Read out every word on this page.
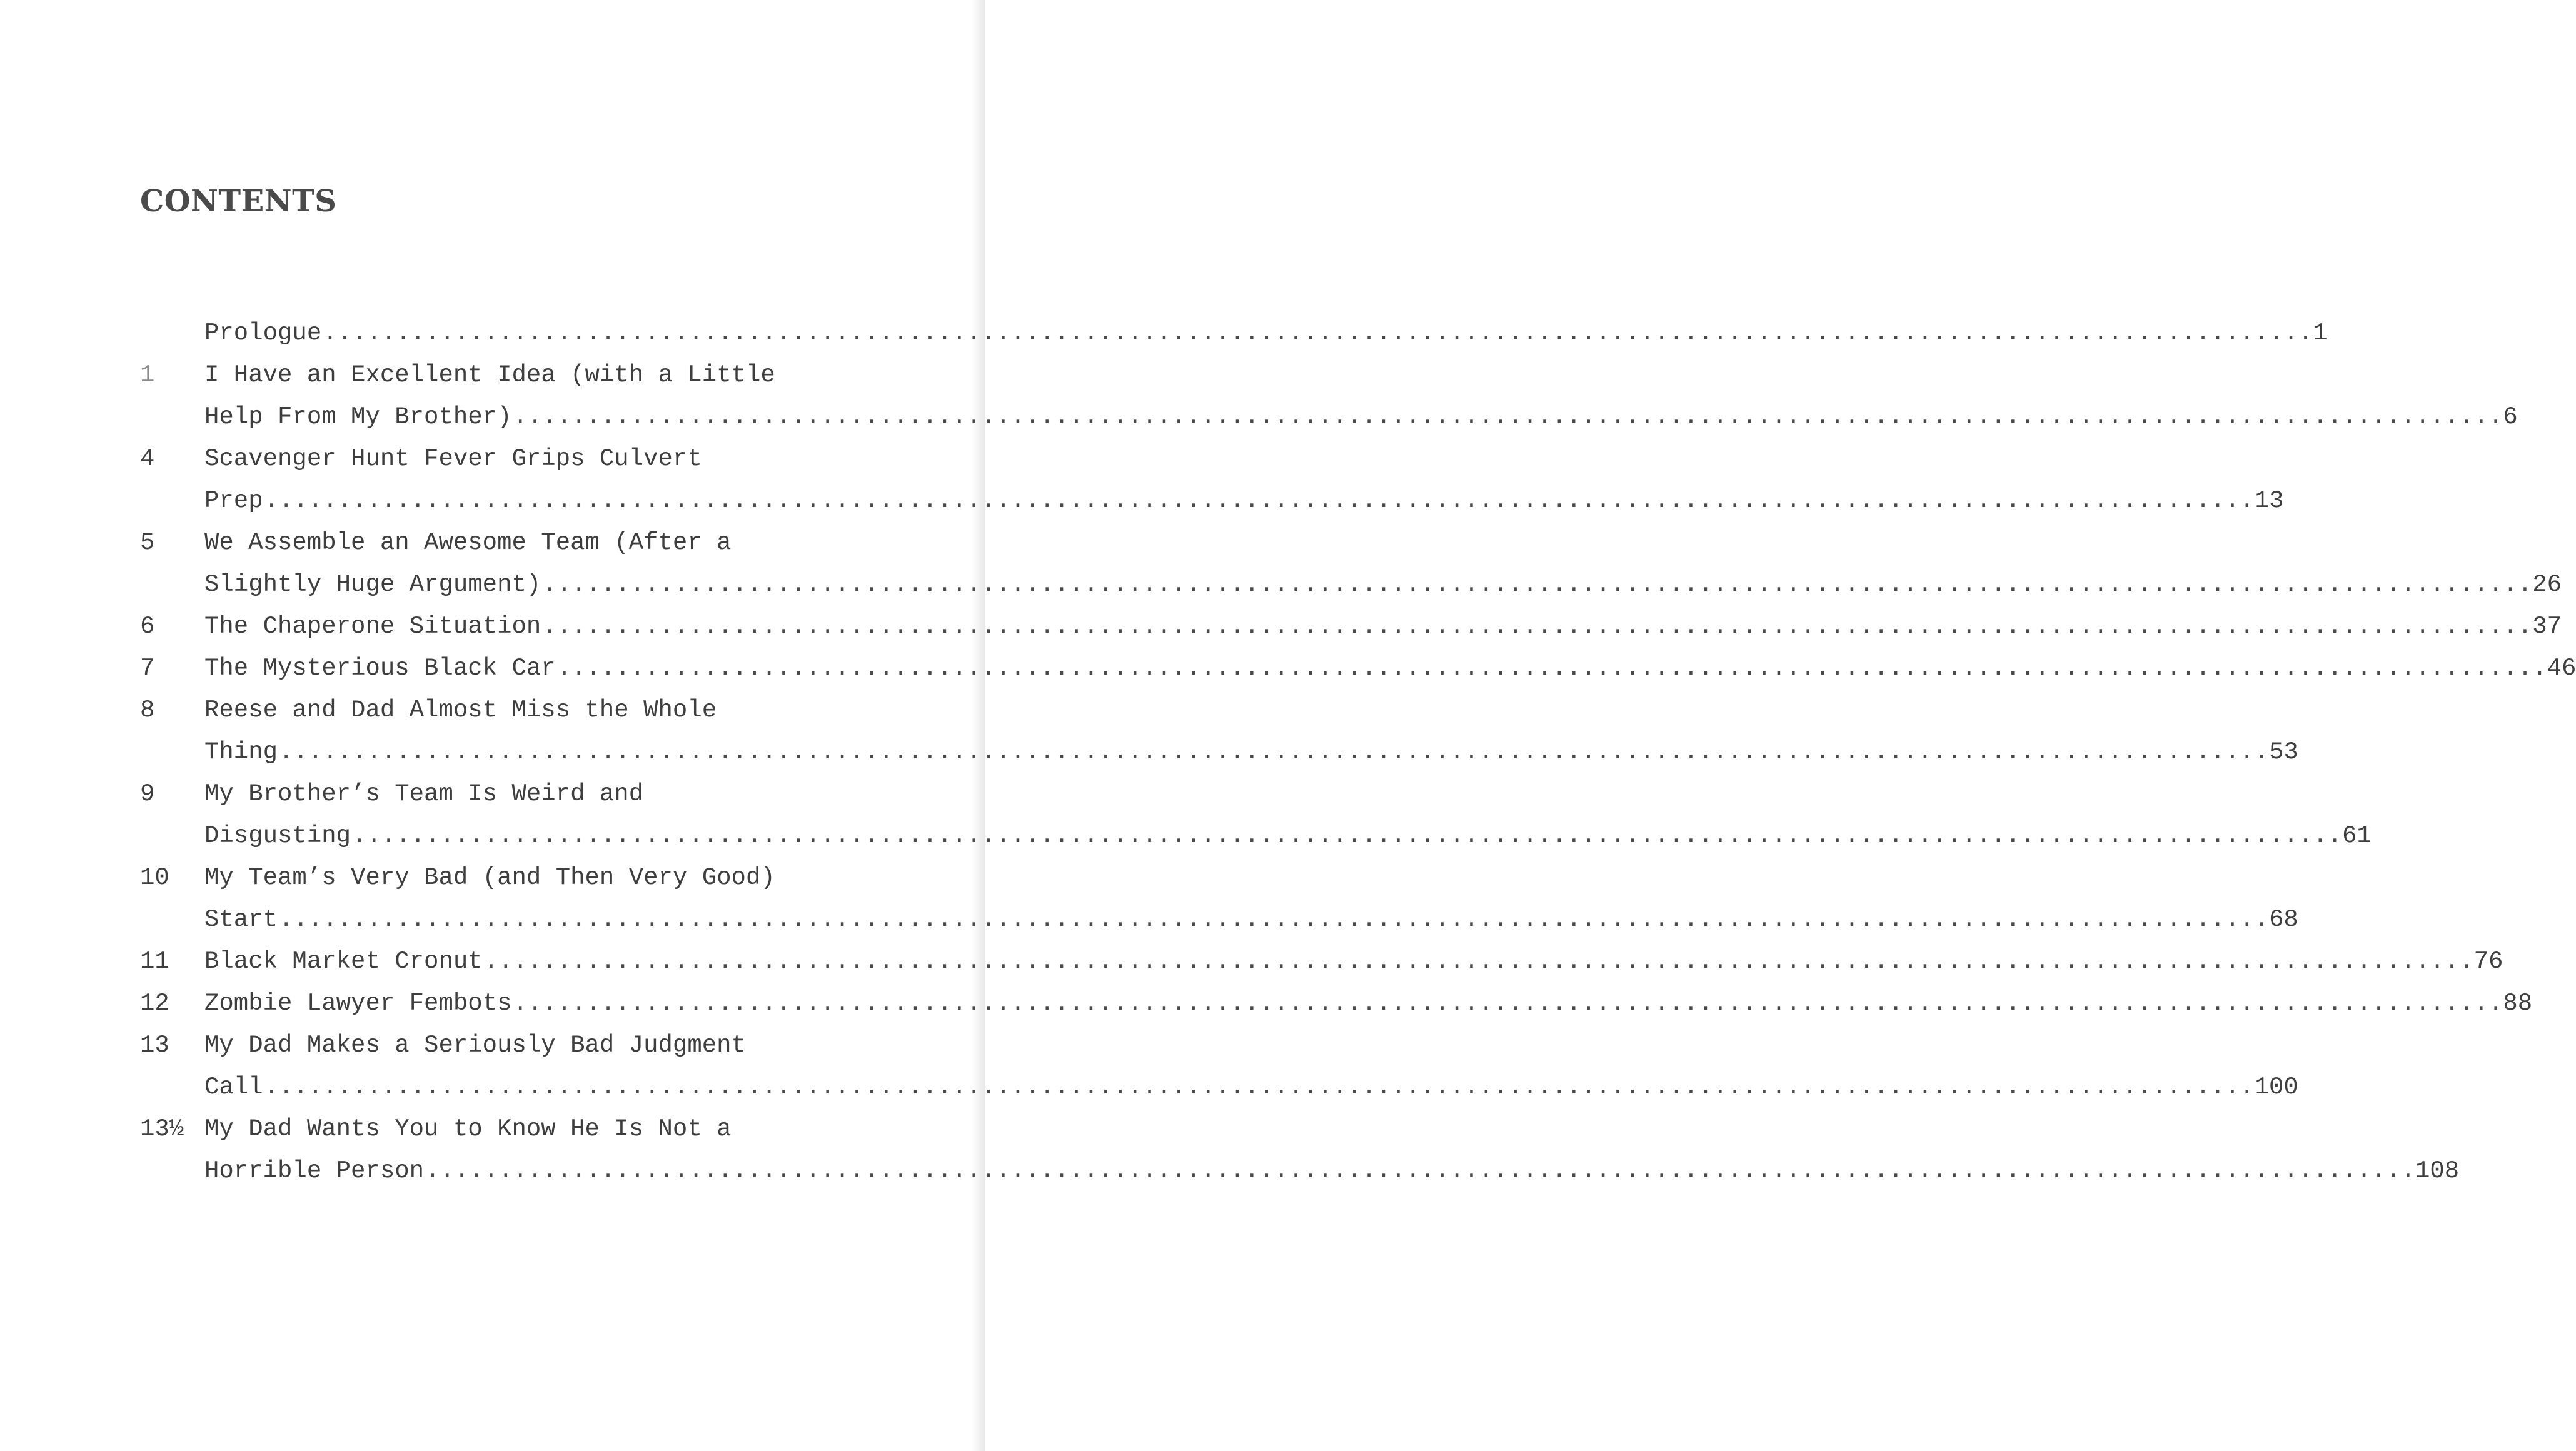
CONTENTS
Prologue ........................................................................................................................................ 1
1 I Have an Excellent Idea (with a Little
Help From My Brother) ........................................................................................................................................ 6
4 Scavenger Hunt Fever Grips Culvert
Prep ........................................................................................................................................ 13
5 We Assemble an Awesome Team (After a
Slightly Huge Argument) ........................................................................................................................................ 26
6 The Chaperone Situation ........................................................................................................................................ 37
7 The Mysterious Black Car ........................................................................................................................................ 46
8 Reese and Dad Almost Miss the Whole
Thing ........................................................................................................................................ 53
9 My Brother’s Team Is Weird and
Disgusting ........................................................................................................................................ 61
10 My Team’s Very Bad (and Then Very Good)
Start ........................................................................................................................................ 68
11 Black Market Cronut ........................................................................................................................................ 76
12 Zombie Lawyer Fembots ........................................................................................................................................ 88
13 My Dad Makes a Seriously Bad Judgment
Call ........................................................................................................................................ 100
13½ My Dad Wants You to Know He Is Not a
Horrible Person ........................................................................................................................................ 108
